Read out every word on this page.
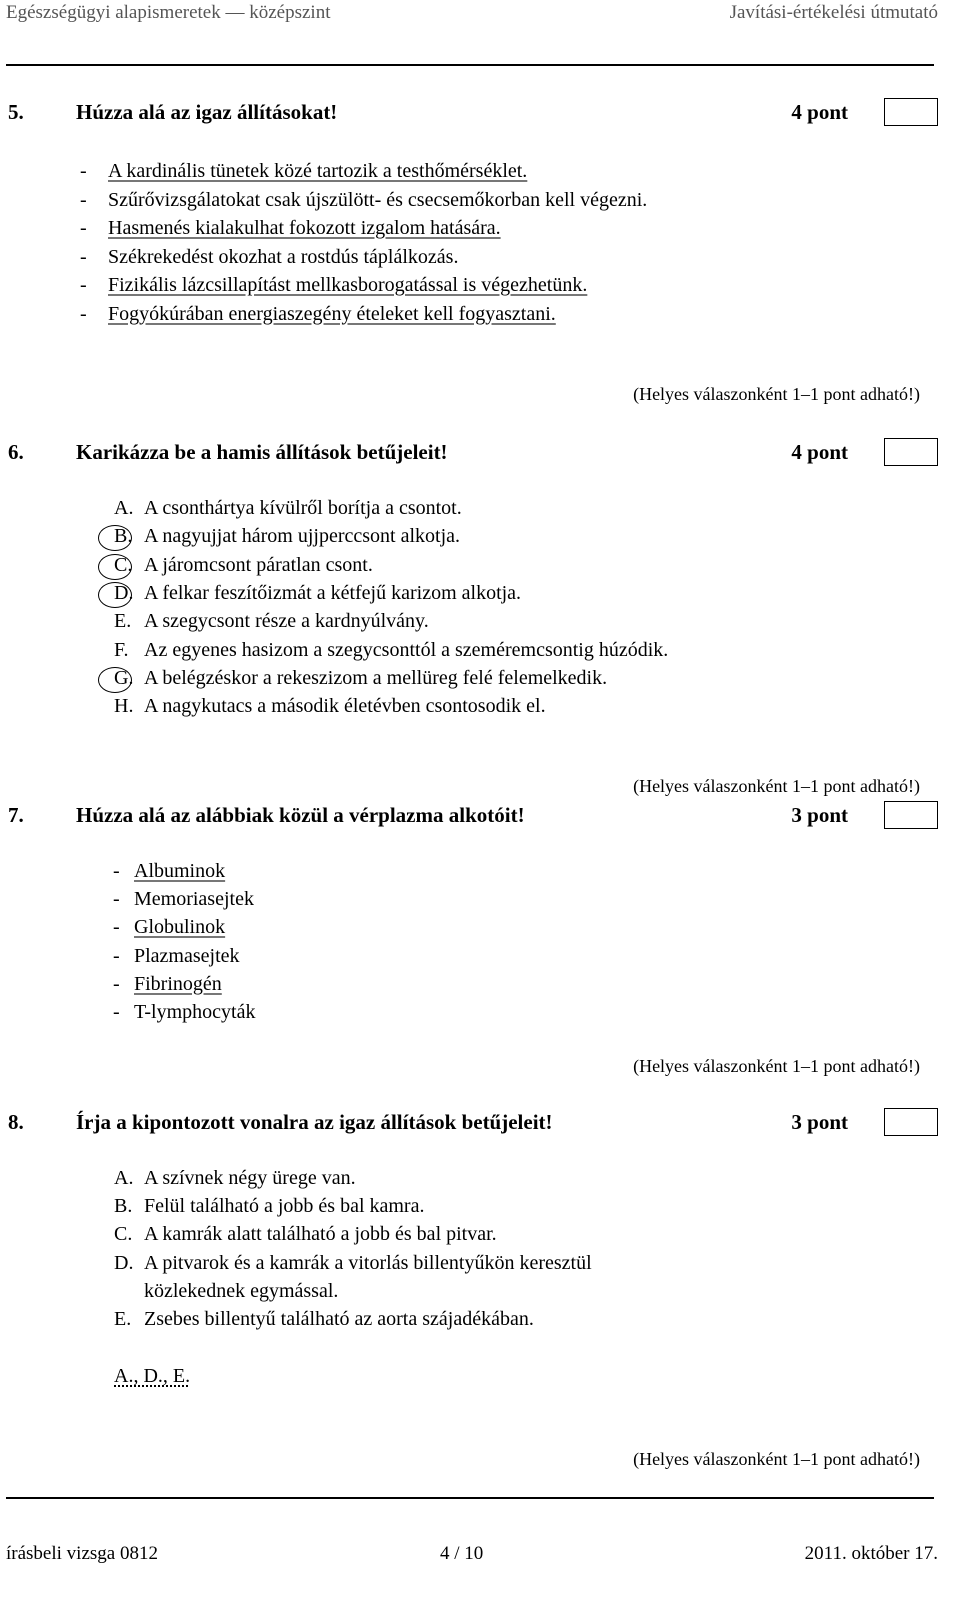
Egészségügyi alapismeretek — középszint	Javítási-értékelési útmutató
5. Húzza alá az igaz állításokat!	4 pont
- A kardinális tünetek közé tartozik a testhőmérséklet.
- Szűrővizsgálatokat csak újszülött- és csecsemőkorban kell végezni.
- Hasmenés kialakulhat fokozott izgalom hatására.
- Székrekedést okozhat a rostdús táplálkozás.
- Fizikális lázcsillapítást mellkasborogatással is végezhetünk.
- Fogyókúrában energiaszegény ételeket kell fogyasztani.
(Helyes válaszonként 1–1 pont adható!)
6. Karikázza be a hamis állítások betűjeleit!	4 pont
A. A csonthártya kívülről borítja a csontot.
B. A nagyujjat három ujjperccsont alkotja.
C. A járomcsont páratlan csont.
D. A felkar feszítőizmát a kétfejű karizom alkotja.
E. A szegycsont része a kardnyúlvány.
F. Az egyenes hasizom a szegycsonttól a szeméremcsontig húzódik.
G. A belégzéskor a rekeszizom a mellüreg felé felemelkedik.
H. A nagykutacs a második életévben csontosodik el.
(Helyes válaszonként 1–1 pont adható!)
7. Húzza alá az alábbiak közül a vérplazma alkotóit!	3 pont
- Albuminok
- Memoriasejtek
- Globulinok
- Plazmasejtek
- Fibrinogén
- T-lymphocyták
(Helyes válaszonként 1–1 pont adható!)
8. Írja a kipontozott vonalra az igaz állítások betűjeleit!	3 pont
A. A szívnek négy ürege van.
B. Felül található a jobb és bal kamra.
C. A kamrák alatt található a jobb és bal pitvar.
D. A pitvarok és a kamrák a vitorlás billentyűkön keresztül
közlekednek egymással.
E. Zsebes billentyű található az aorta szájadékában.
A., D., E.
(Helyes válaszonként 1–1 pont adható!)
írásbeli vizsga 0812	4 / 10	2011. október 17.
